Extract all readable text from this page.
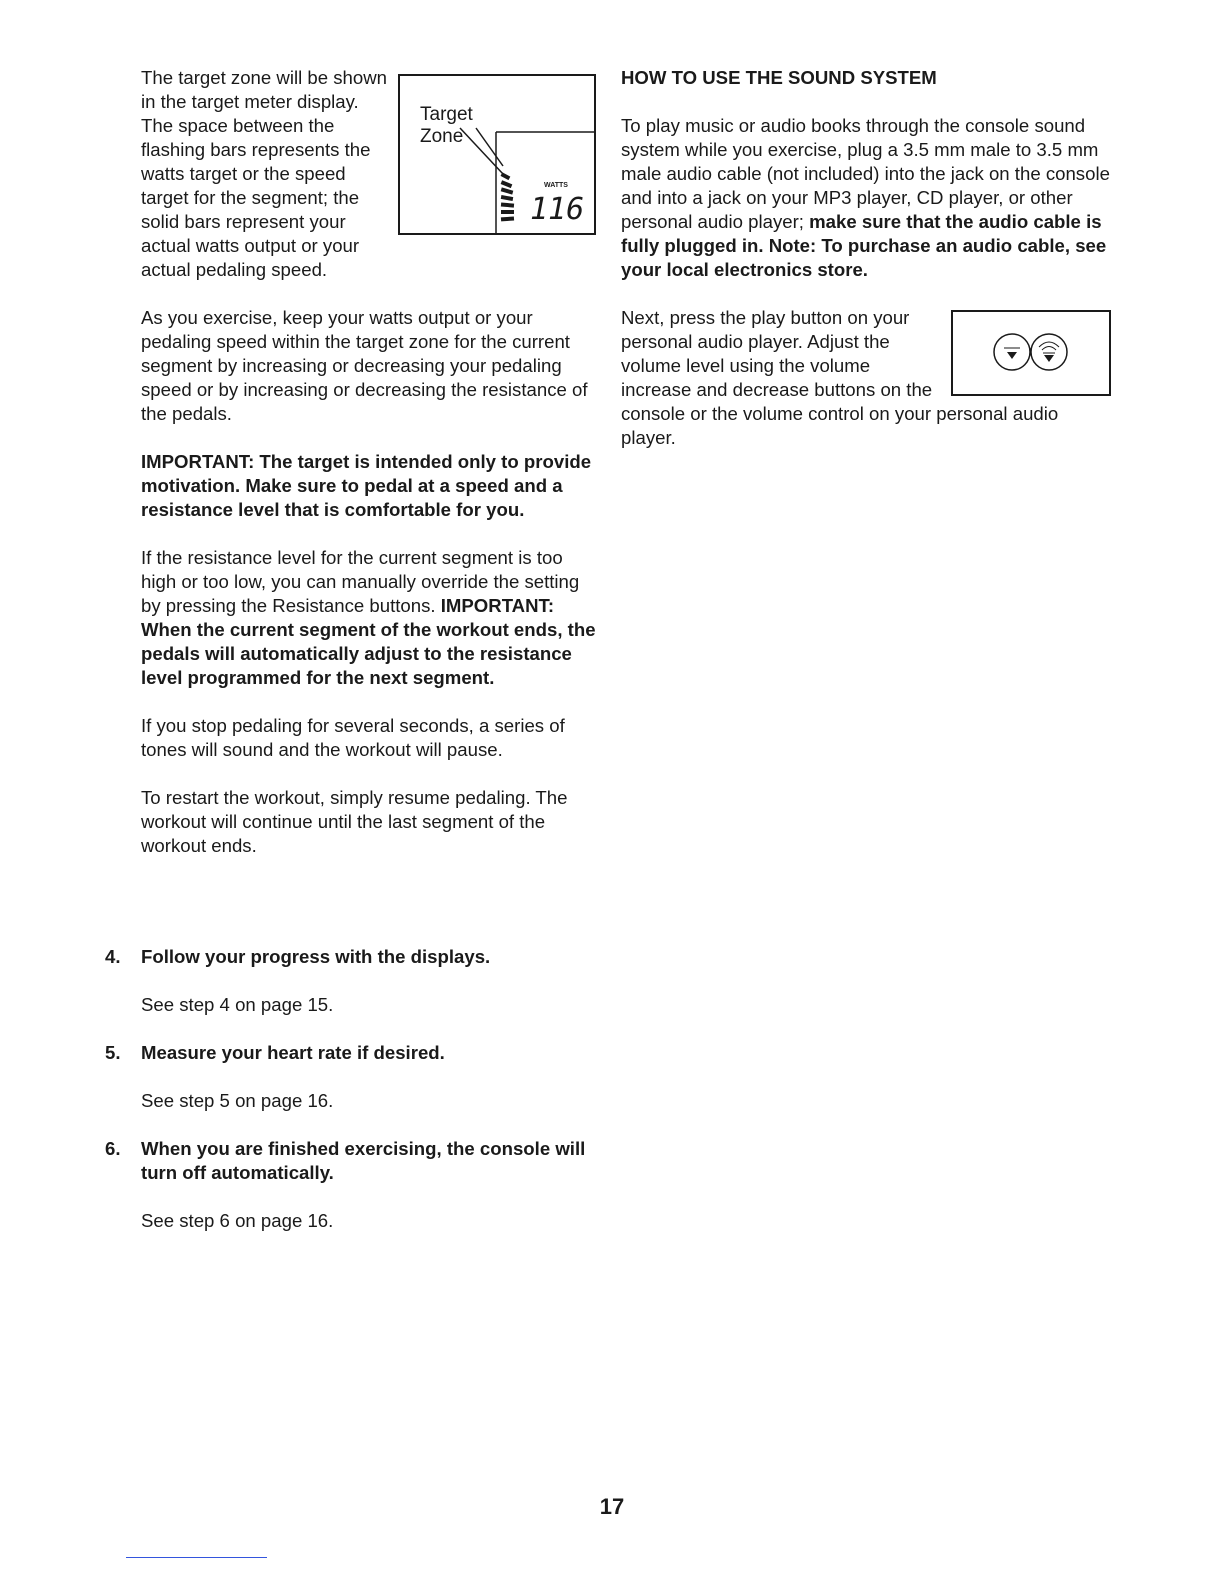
Target
Zone
WATTS
116

The target zone will be shown in the target meter display. The space between the flashing bars represents the watts target or the speed target for the segment; the solid bars represent your actual watts output or your actual pedaling speed.

As you exercise, keep your watts output or your pedaling speed within the target zone for the current segment by increasing or decreasing your pedaling speed or by increasing or decreasing the resistance of the pedals.

IMPORTANT: The target is intended only to provide motivation. Make sure to pedal at a speed and a resistance level that is comfortable for you.

If the resistance level for the current segment is too high or too low, you can manually override the setting by pressing the Resistance buttons. IMPORTANT: When the current segment of the workout ends, the pedals will automatically adjust to the resistance level programmed for the next segment.

If you stop pedaling for several seconds, a series of tones will sound and the workout will pause.

To restart the workout, simply resume pedaling. The workout will continue until the last segment of the workout ends.

4. Follow your progress with the displays.

See step 4 on page 15.

5. Measure your heart rate if desired.

See step 5 on page 16.

6. When you are finished exercising, the console will turn off automatically.

See step 6 on page 16.

HOW TO USE THE SOUND SYSTEM

To play music or audio books through the console sound system while you exercise, plug a 3.5 mm male to 3.5 mm male audio cable (not included) into the jack on the console and into a jack on your MP3 player, CD player, or other personal audio player; make sure that the audio cable is fully plugged in. Note: To purchase an audio cable, see your local electronics store.

Next, press the play button on your personal audio player. Adjust the volume level using the volume increase and decrease buttons on the console or the volume control on your personal audio player.

17
